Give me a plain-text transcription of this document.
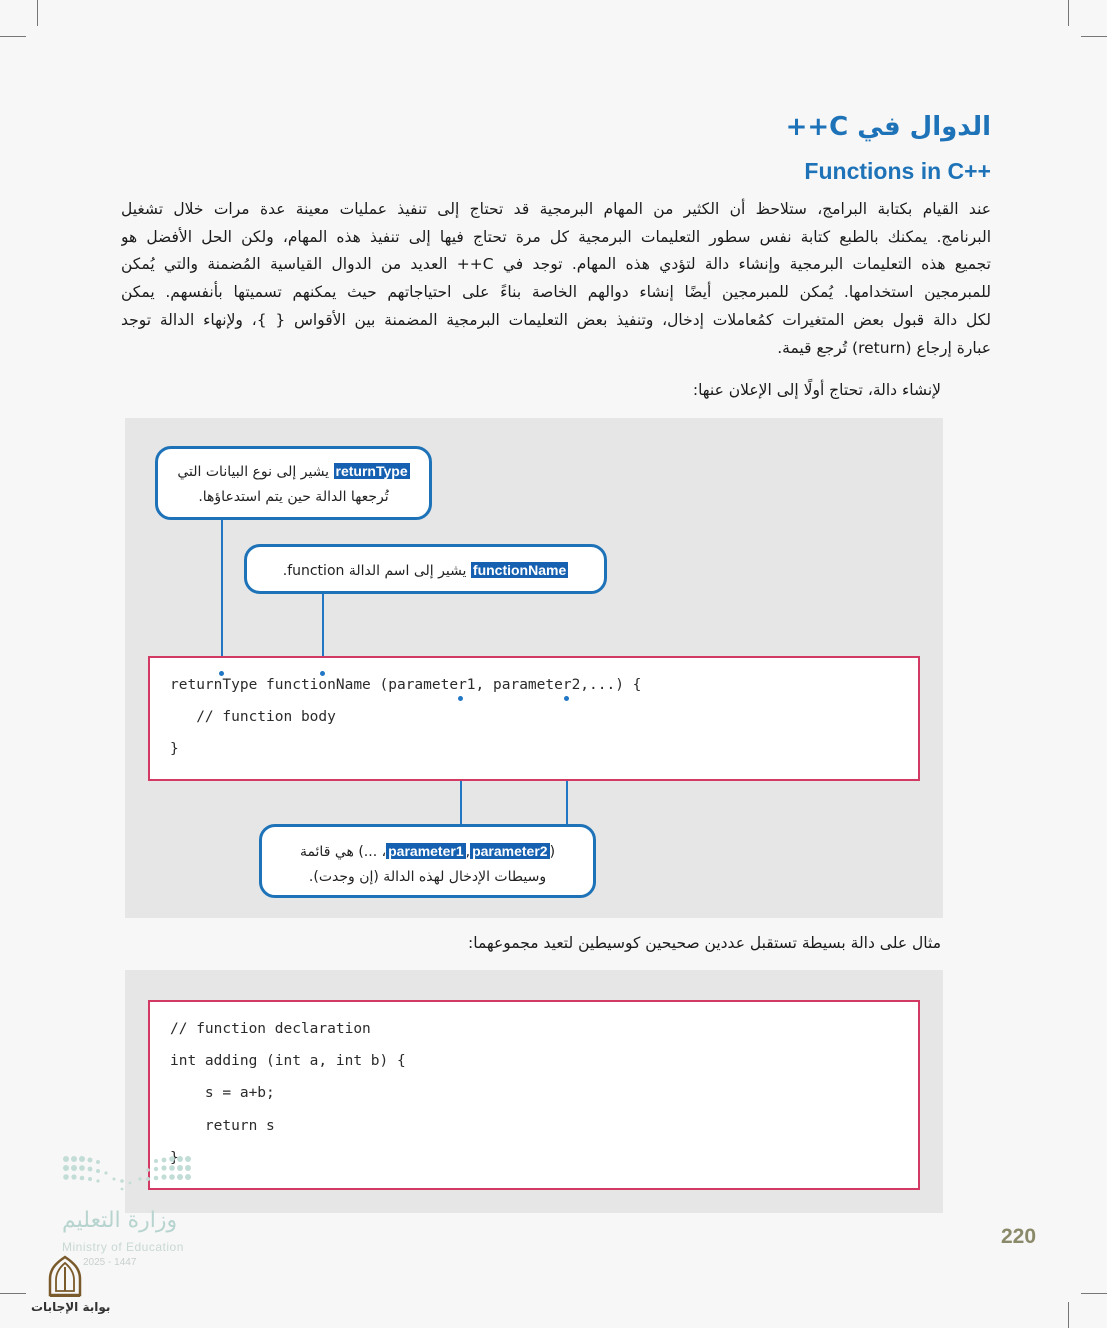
الدوال في C++
Functions in C++
عند القيام بكتابة البرامج، ستلاحظ أن الكثير من المهام البرمجية قد تحتاج إلى تنفيذ عمليات معينة عدة مرات خلال تشغيل
البرنامج. يمكنك بالطبع كتابة نفس سطور التعليمات البرمجية كل مرة تحتاج فيها إلى تنفيذ هذه المهام، ولكن الحل الأفضل هو
تجميع هذه التعليمات البرمجية وإنشاء دالة لتؤدي هذه المهام. توجد في C++ العديد من الدوال القياسية المُضمنة والتي يُمكن
للمبرمجين استخدامها. يُمكن للمبرمجين أيضًا إنشاء دوالهم الخاصة بناءً على احتياجاتهم حيث يمكنهم تسميتها بأنفسهم. يمكن
لكل دالة قبول بعض المتغيرات كمُعاملات إدخال، وتنفيذ بعض التعليمات البرمجية المضمنة بين الأقواس { }، ولإنهاء الدالة توجد
عبارة إرجاع (return) تُرجع قيمة.
لإنشاء دالة، تحتاج أولًا إلى الإعلان عنها:
returnType functionName (parameter1, parameter2,...) {
// function body
}
returnType يشير إلى نوع البيانات التي
تُرجعها الدالة حين يتم استدعاؤها.
functionName يشير إلى اسم الدالة function.
(parameter2,parameter1، ...) هي قائمة
وسيطات الإدخال لهذه الدالة (إن وجدت).
مثال على دالة بسيطة تستقبل عددين صحيحين كوسيطين لتعيد مجموعهما:
// function declaration
int adding (int a, int b) {
s = a+b;
return s
وزارة التعليم
Ministry of Education
2025 - 1447
220
بوابة الإجابات
